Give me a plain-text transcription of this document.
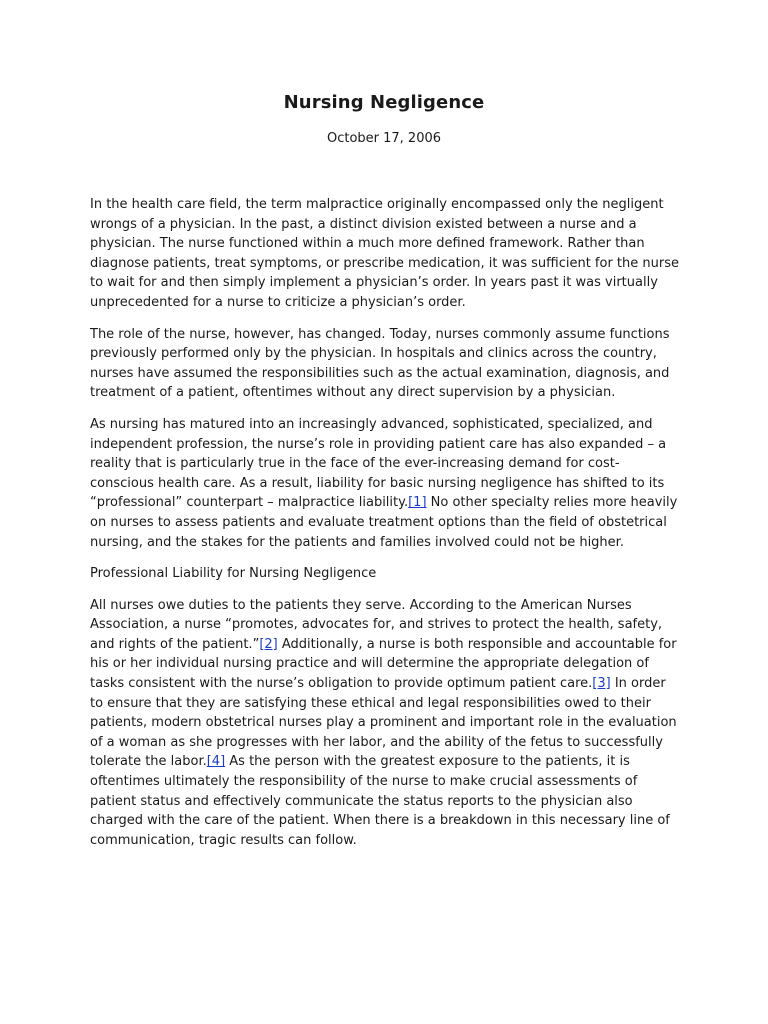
Nursing Negligence
October 17, 2006

In the health care field, the term malpractice originally encompassed only the negligent wrongs of a physician. In the past, a distinct division existed between a nurse and a physician. The nurse functioned within a much more defined framework. Rather than diagnose patients, treat symptoms, or prescribe medication, it was sufficient for the nurse to wait for and then simply implement a physician’s order. In years past it was virtually unprecedented for a nurse to criticize a physician’s order.

The role of the nurse, however, has changed. Today, nurses commonly assume functions previously performed only by the physician. In hospitals and clinics across the country, nurses have assumed the responsibilities such as the actual examination, diagnosis, and treatment of a patient, oftentimes without any direct supervision by a physician.

As nursing has matured into an increasingly advanced, sophisticated, specialized, and independent profession, the nurse’s role in providing patient care has also expanded – a reality that is particularly true in the face of the ever-increasing demand for cost-conscious health care. As a result, liability for basic nursing negligence has shifted to its “professional” counterpart – malpractice liability.[1] No other specialty relies more heavily on nurses to assess patients and evaluate treatment options than the field of obstetrical nursing, and the stakes for the patients and families involved could not be higher.

Professional Liability for Nursing Negligence

All nurses owe duties to the patients they serve. According to the American Nurses Association, a nurse “promotes, advocates for, and strives to protect the health, safety, and rights of the patient.”[2] Additionally, a nurse is both responsible and accountable for his or her individual nursing practice and will determine the appropriate delegation of tasks consistent with the nurse’s obligation to provide optimum patient care.[3] In order to ensure that they are satisfying these ethical and legal responsibilities owed to their patients, modern obstetrical nurses play a prominent and important role in the evaluation of a woman as she progresses with her labor, and the ability of the fetus to successfully tolerate the labor.[4] As the person with the greatest exposure to the patients, it is oftentimes ultimately the responsibility of the nurse to make crucial assessments of patient status and effectively communicate the status reports to the physician also charged with the care of the patient. When there is a breakdown in this necessary line of communication, tragic results can follow.
